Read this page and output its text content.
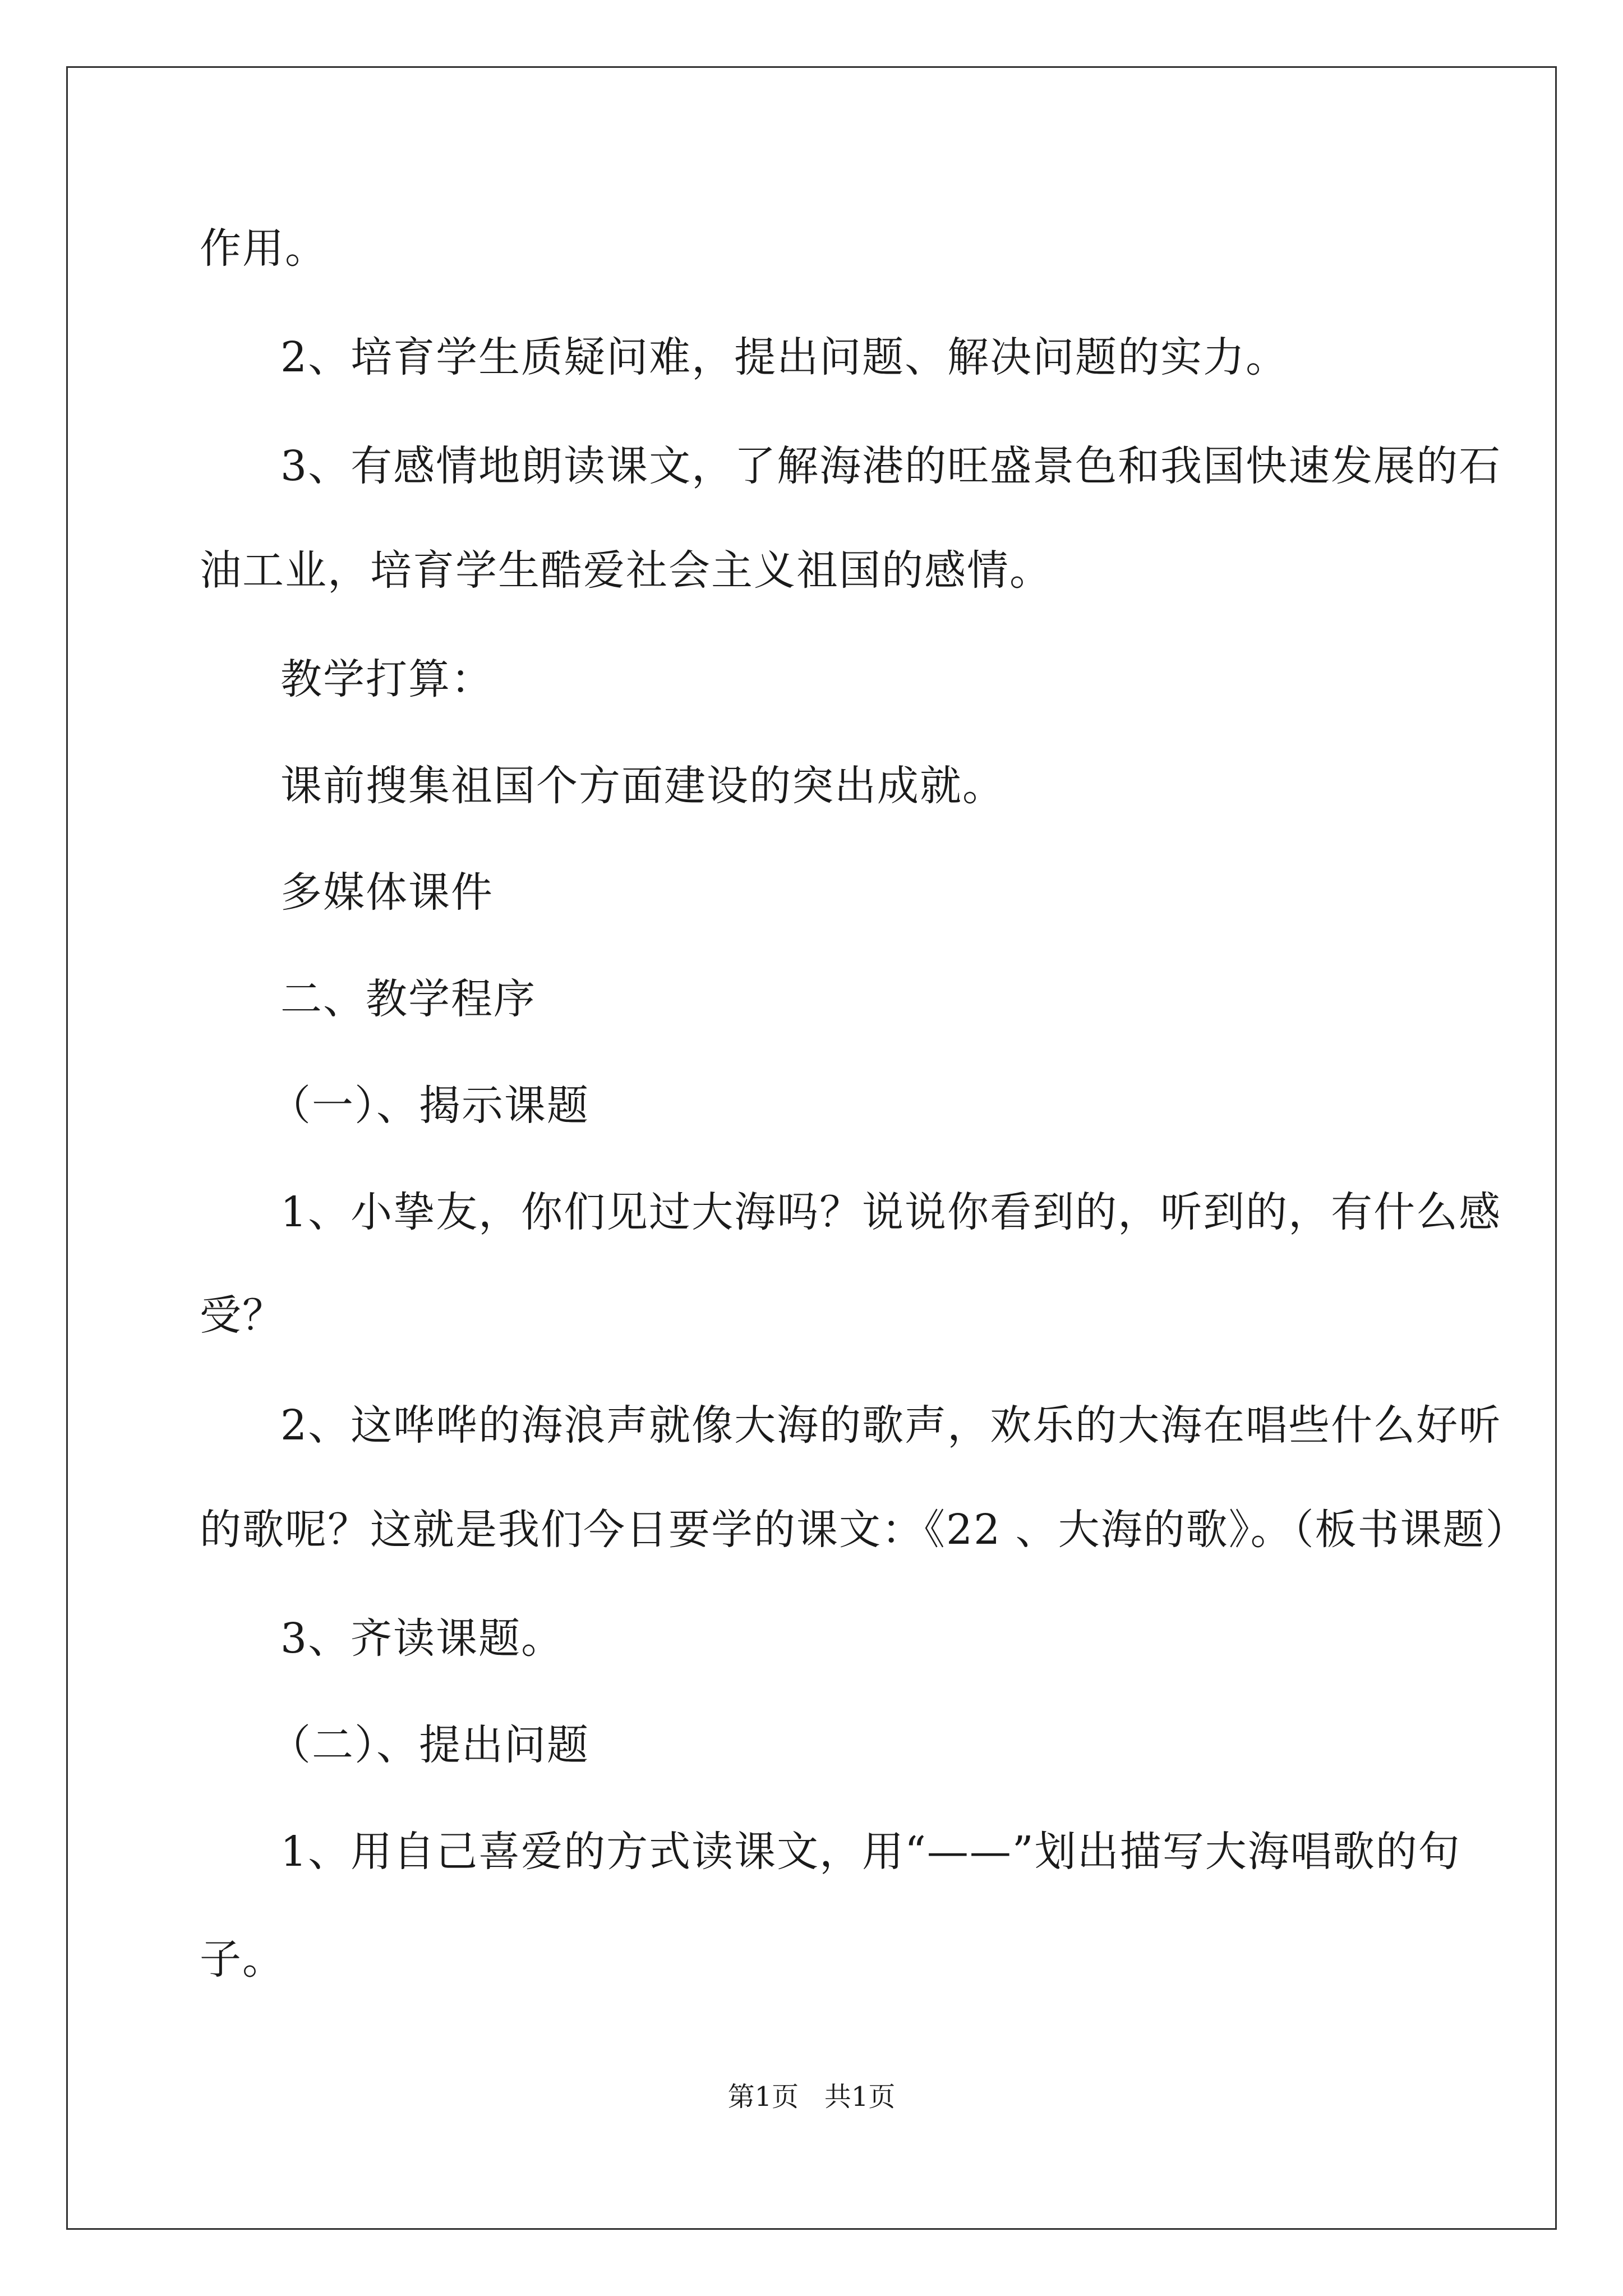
作用。
2、培育学生质疑问难，提出问题、解决问题的实力。
3、有感情地朗读课文，了解海港的旺盛景色和我国快速发展的石
油工业，培育学生酷爱社会主义祖国的感情。
教学打算：
课前搜集祖国个方面建设的突出成就。
多媒体课件
二、教学程序
（一）、揭示课题
1、小挚友，你们见过大海吗？说说你看到的，听到的，有什么感
受？
2、这哗哗的海浪声就像大海的歌声，欢乐的大海在唱些什么好听
的歌呢？这就是我们今日要学的课文：《22 、大海的歌》。（板书课题）
3、齐读课题。
（二）、提出问题
1、用自己喜爱的方式读课文，用“——”划出描写大海唱歌的句
子。
第1页   共1页
